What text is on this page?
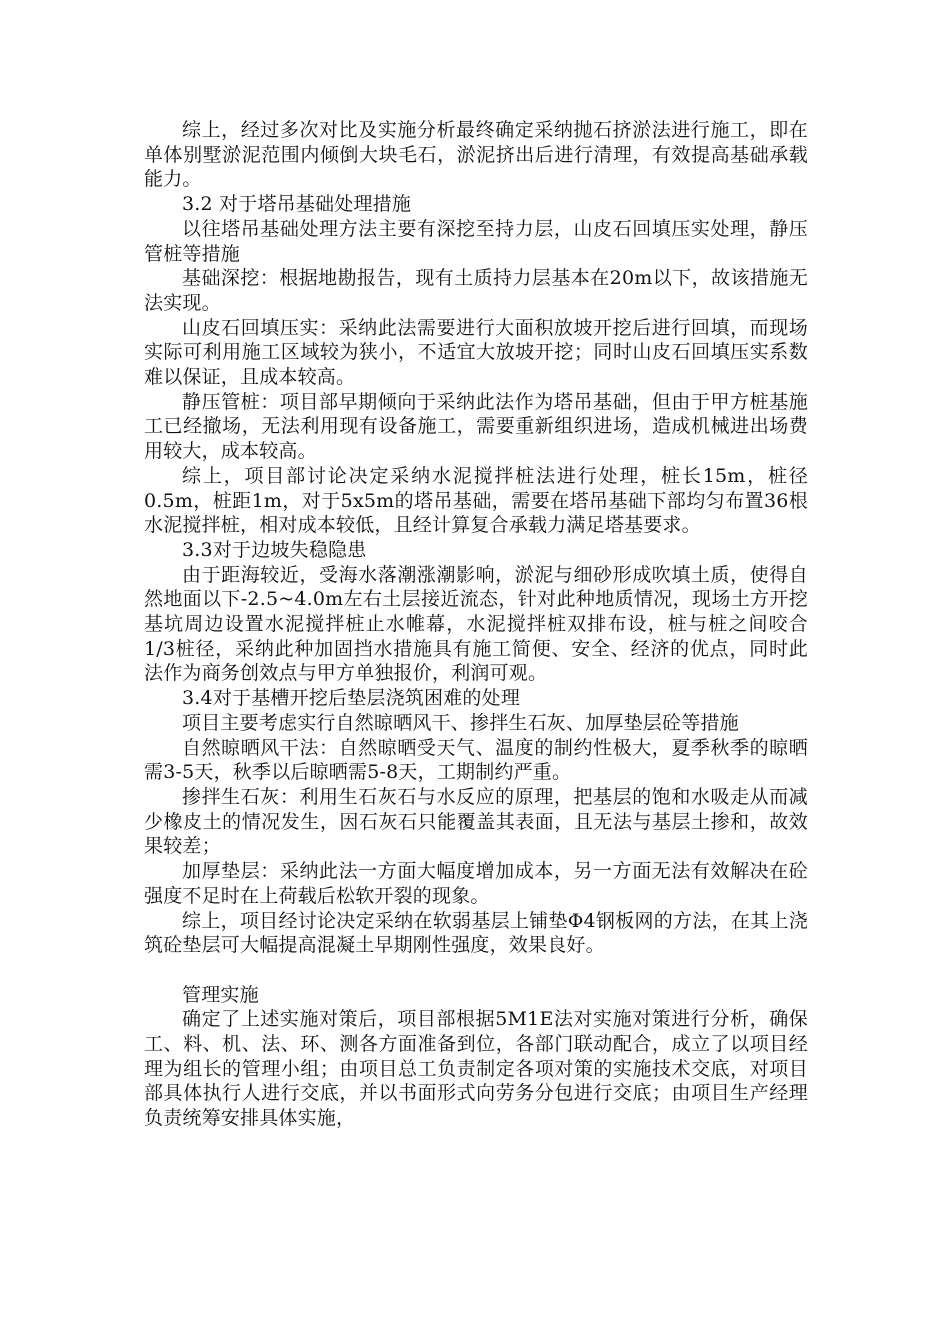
综上，经过多次对比及实施分析最终确定采纳抛石挤淤法进行施工，即在单体别墅淤泥范围内倾倒大块毛石，淤泥挤出后进行清理，有效提高基础承载能力。

3.2 对于塔吊基础处理措施

以往塔吊基础处理方法主要有深挖至持力层，山皮石回填压实处理，静压管桩等措施

基础深挖：根据地勘报告，现有土质持力层基本在20m以下，故该措施无法实现。

山皮石回填压实：采纳此法需要进行大面积放坡开挖后进行回填，而现场实际可利用施工区域较为狭小，不适宜大放坡开挖；同时山皮石回填压实系数难以保证，且成本较高。

静压管桩：项目部早期倾向于采纳此法作为塔吊基础，但由于甲方桩基施工已经撤场，无法利用现有设备施工，需要重新组织进场，造成机械进出场费用较大，成本较高。

综上，项目部讨论决定采纳水泥搅拌桩法进行处理，桩长15m，桩径0.5m，桩距1m，对于5x5m的塔吊基础，需要在塔吊基础下部均匀布置36根水泥搅拌桩，相对成本较低，且经计算复合承载力满足塔基要求。

3.3对于边坡失稳隐患

由于距海较近，受海水落潮涨潮影响，淤泥与细砂形成吹填土质，使得自然地面以下-2.5~4.0m左右土层接近流态，针对此种地质情况，现场土方开挖基坑周边设置水泥搅拌桩止水帷幕，水泥搅拌桩双排布设，桩与桩之间咬合1/3桩径，采纳此种加固挡水措施具有施工简便、安全、经济的优点，同时此法作为商务创效点与甲方单独报价，利润可观。

3.4对于基槽开挖后垫层浇筑困难的处理

项目主要考虑实行自然晾晒风干、掺拌生石灰、加厚垫层砼等措施

自然晾晒风干法：自然晾晒受天气、温度的制约性极大，夏季秋季的晾晒需3-5天，秋季以后晾晒需5-8天，工期制约严重。

掺拌生石灰：利用生石灰石与水反应的原理，把基层的饱和水吸走从而减少橡皮土的情况发生，因石灰石只能覆盖其表面，且无法与基层土掺和，故效果较差；

加厚垫层：采纳此法一方面大幅度增加成本，另一方面无法有效解决在砼强度不足时在上荷载后松软开裂的现象。

综上，项目经讨论决定采纳在软弱基层上铺垫Φ4钢板网的方法，在其上浇筑砼垫层可大幅提高混凝土早期刚性强度，效果良好。

管理实施

确定了上述实施对策后，项目部根据5M1E法对实施对策进行分析，确保工、料、机、法、环、测各方面准备到位，各部门联动配合，成立了以项目经理为组长的管理小组；由项目总工负责制定各项对策的实施技术交底，对项目部具体执行人进行交底，并以书面形式向劳务分包进行交底；由项目生产经理负责统筹安排具体实施，
